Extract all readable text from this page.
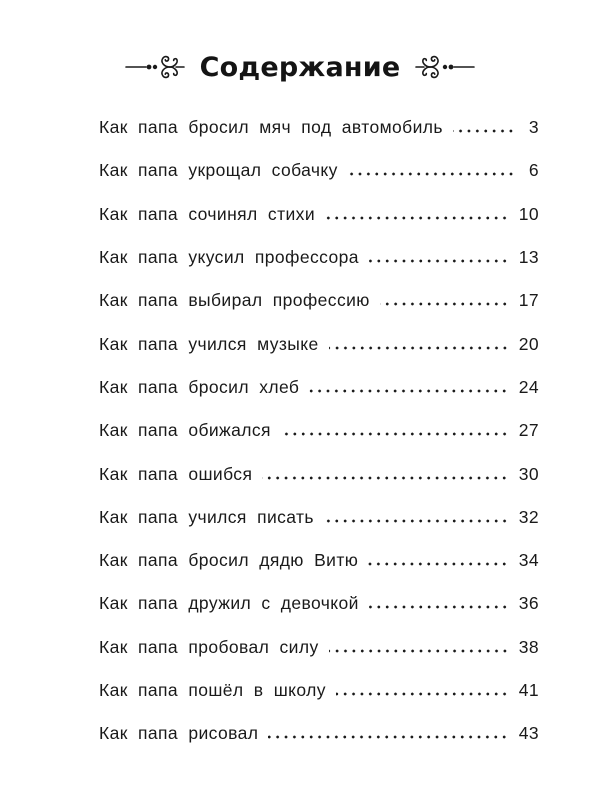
Содержание
Как папа бросил мяч под автомобиль	3
Как папа укрощал собачку	6
Как папа сочинял стихи	10
Как папа укусил профессора	13
Как папа выбирал профессию	17
Как папа учился музыке	20
Как папа бросил хлеб	24
Как папа обижался	27
Как папа ошибся	30
Как папа учился писать	32
Как папа бросил дядю Витю	34
Как папа дружил с девочкой	36
Как папа пробовал силу	38
Как папа пошёл в школу	41
Как папа рисовал	43
